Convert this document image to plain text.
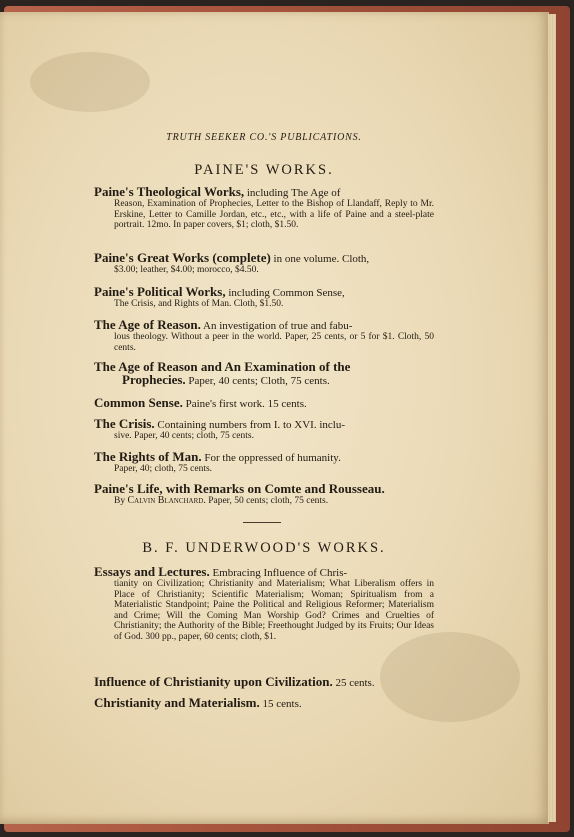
TRUTH SEEKER CO.'S PUBLICATIONS.
PAINE'S WORKS.
Paine's Theological Works, including The Age of
Reason, Examination of Prophecies, Letter to the Bishop of Llandaff, Reply to Mr. Erskine, Letter to Camille Jordan, etc., etc., with a life of Paine and a steel-plate portrait. 12mo. In paper covers, $1; cloth, $1.50.
Paine's Great Works (complete) in one volume. Cloth,
$3.00; leather, $4.00; morocco, $4.50.
Paine's Political Works, including Common Sense,
The Crisis, and Rights of Man. Cloth, $1.50.
The Age of Reason. An investigation of true and fabu-
lous theology. Without a peer in the world. Paper, 25 cents, or 5 for $1. Cloth, 50 cents.
The Age of Reason and An Examination of the
Prophecies. Paper, 40 cents; Cloth, 75 cents.
Common Sense. Paine's first work. 15 cents.
The Crisis. Containing numbers from I. to XVI. inclu-
sive. Paper, 40 cents; cloth, 75 cents.
The Rights of Man. For the oppressed of humanity.
Paper, 40; cloth, 75 cents.
Paine's Life, with Remarks on Comte and Rousseau.
By Calvin Blanchard. Paper, 50 cents; cloth, 75 cents.
B. F. UNDERWOOD'S WORKS.
Essays and Lectures. Embracing Influence of Chris-
tianity on Civilization; Christianity and Materialism; What Liberalism offers in Place of Christianity; Scientific Materialism; Woman; Spiritualism from a Materialistic Standpoint; Paine the Political and Religious Reformer; Materialism and Crime; Will the Coming Man Worship God? Crimes and Cruelties of Christianity; the Authority of the Bible; Freethought Judged by its Fruits; Our Ideas of God. 300 pp., paper, 60 cents; cloth, $1.
Influence of Christianity upon Civilization. 25 cents.
Christianity and Materialism. 15 cents.
